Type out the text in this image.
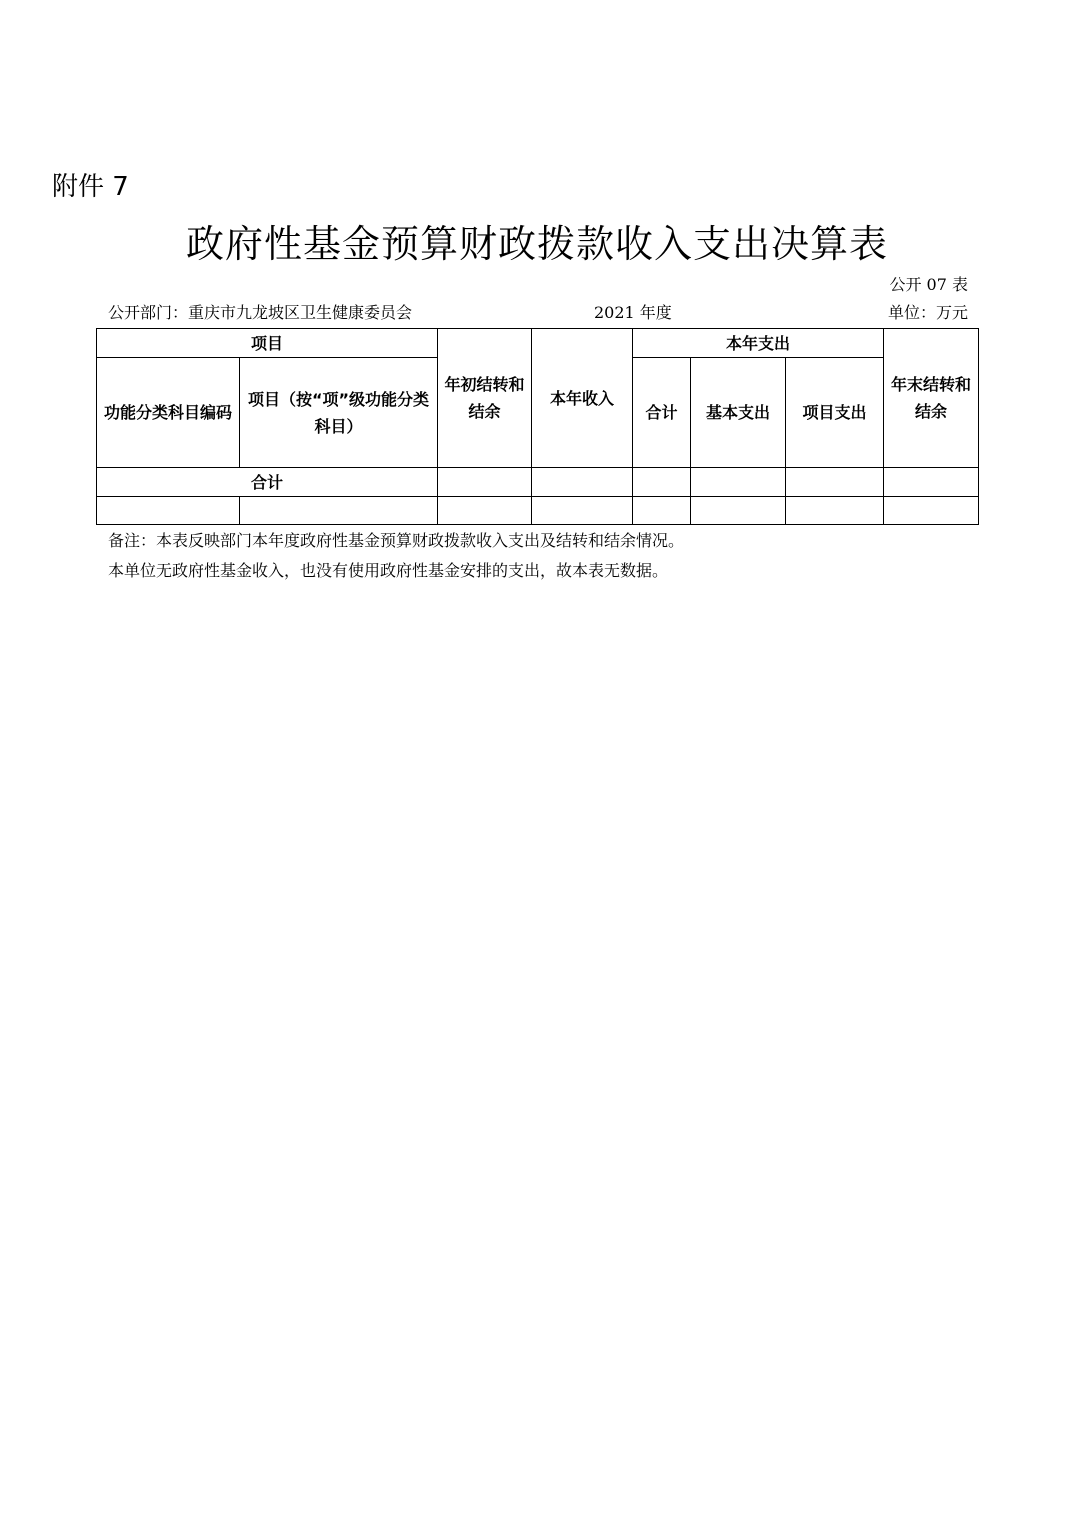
附件 7
政府性基金预算财政拨款收入支出决算表
公开 07 表
公开部门：重庆市九龙坡区卫生健康委员会	2021 年度	单位：万元
项目		年初结转和结余	本年收入	本年支出			年末结转和结余
功能分类科目编码	项目（按“项”级功能分类科目）			合计	基本支出	项目支出	
合计							

备注：本表反映部门本年度政府性基金预算财政拨款收入支出及结转和结余情况。
本单位无政府性基金收入，也没有使用政府性基金安排的支出，故本表无数据。
